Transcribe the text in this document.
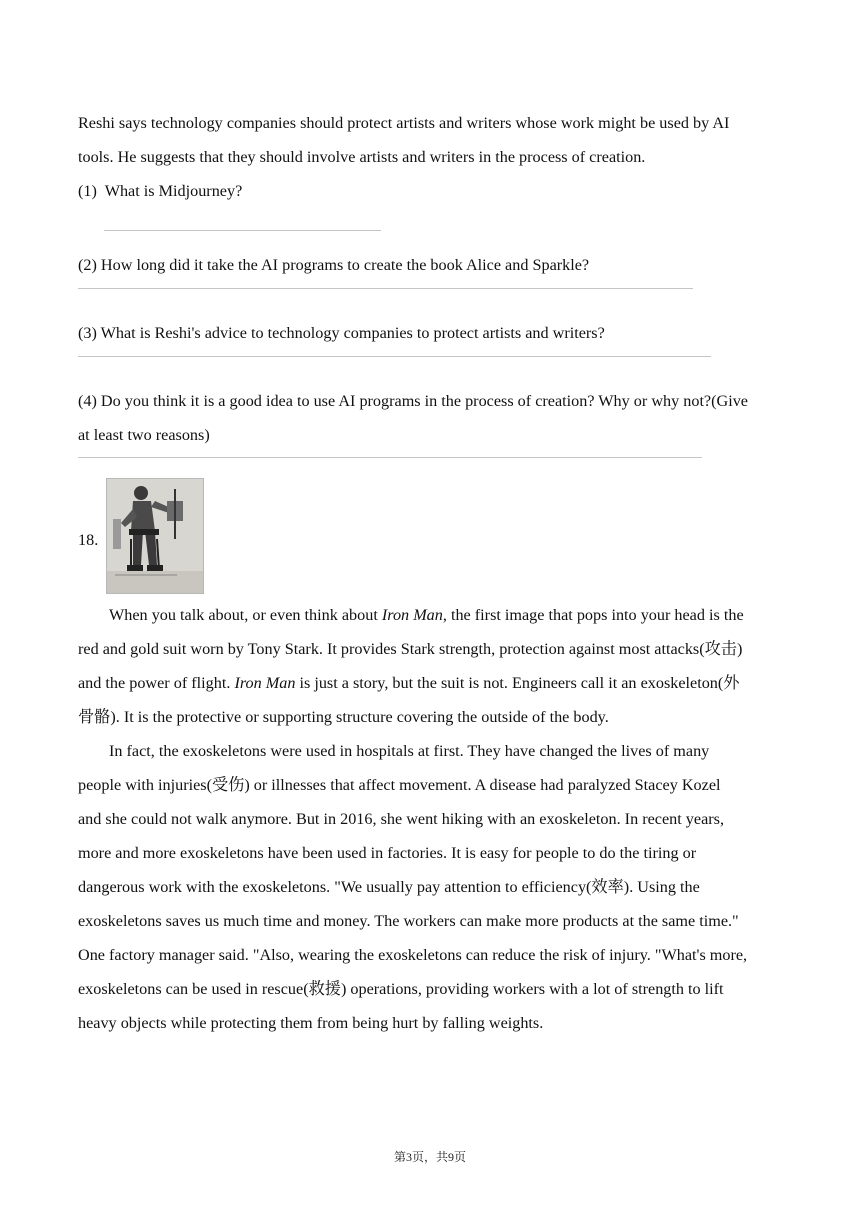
Reshi says technology companies should protect artists and writers whose work might be used by AI

tools. He suggests that they should involve artists and writers in the process of creation.

(1) What is Midjourney?

(2) How long did it take the AI programs to create the book Alice and Sparkle?

(3) What is Reshi's advice to technology companies to protect artists and writers?

(4) Do you think it is a good idea to use AI programs in the process of creation? Why or why not?(Give

at least two reasons)

18.

When you talk about, or even think about Iron Man, the first image that pops into your head is the

red and gold suit worn by Tony Stark. It provides Stark strength, protection against most attacks(攻击)

and the power of flight. Iron Man is just a story, but the suit is not. Engineers call it an exoskeleton(外

骨骼). It is the protective or supporting structure covering the outside of the body.

In fact, the exoskeletons were used in hospitals at first. They have changed the lives of many

people with injuries(受伤) or illnesses that affect movement. A disease had paralyzed Stacey Kozel

and she could not walk anymore. But in 2016, she went hiking with an exoskeleton. In recent years,

more and more exoskeletons have been used in factories. It is easy for people to do the tiring or

dangerous work with the exoskeletons. "We usually pay attention to efficiency(效率). Using the

exoskeletons saves us much time and money. The workers can make more products at the same time."

One factory manager said. "Also, wearing the exoskeletons can reduce the risk of injury. "What's more,

exoskeletons can be used in rescue(救援) operations, providing workers with a lot of strength to lift

heavy objects while protecting them from being hurt by falling weights.

第3页，共9页
